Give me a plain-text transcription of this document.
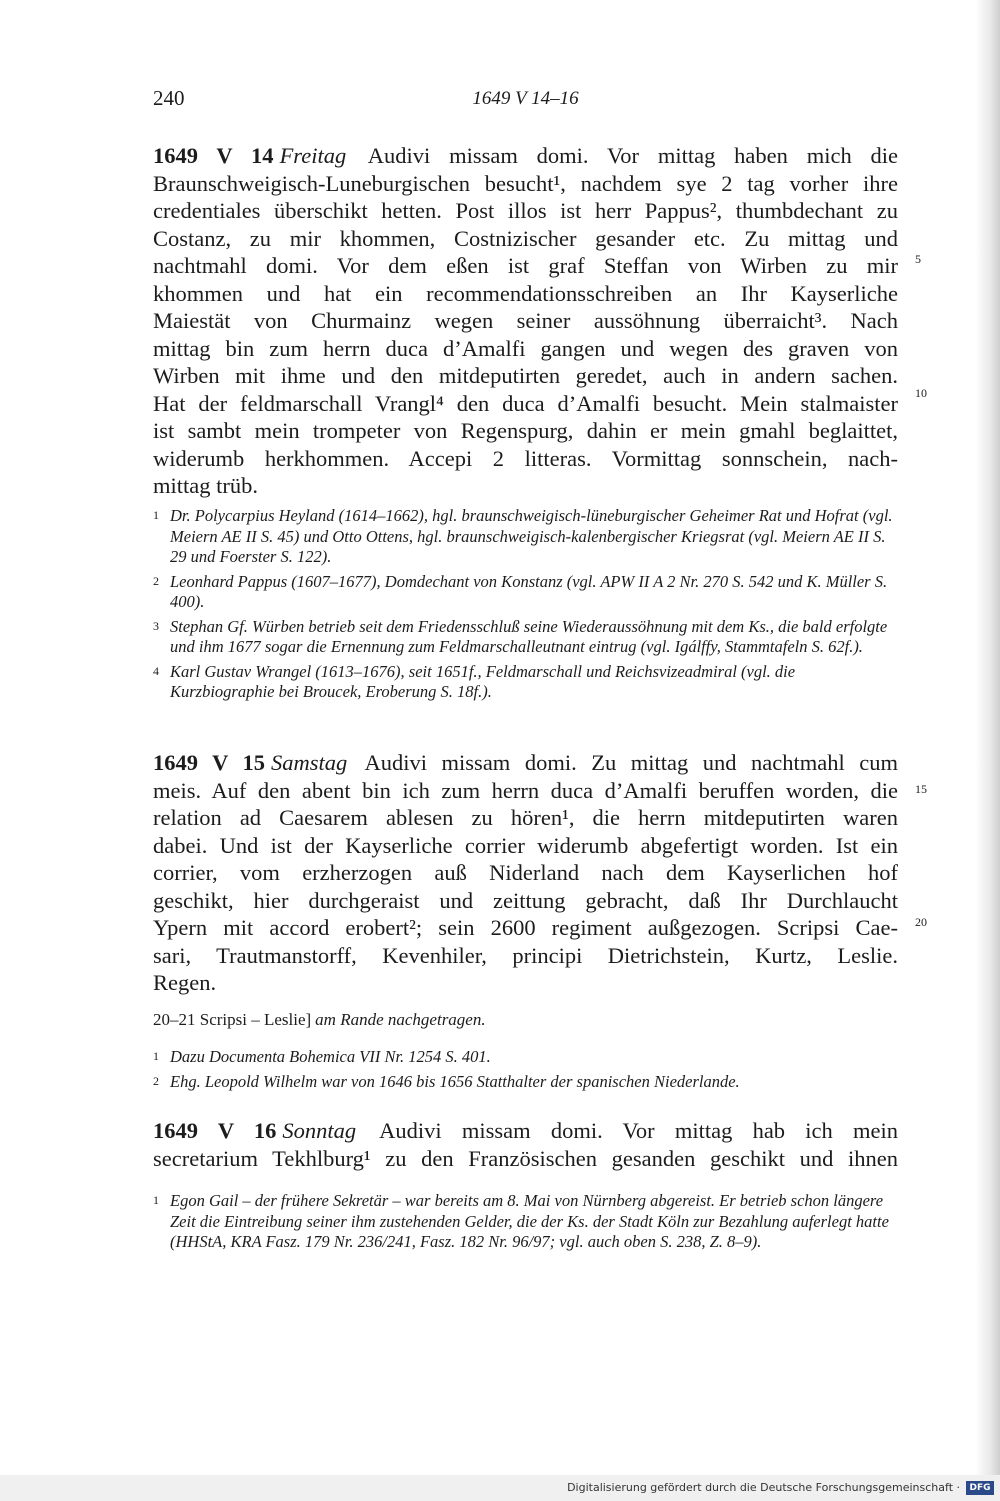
240	1649 V 14–16

1649 V 14 Freitag Audivi missam domi. Vor mittag haben mich die
Braunschweigisch-Luneburgischen besucht¹, nachdem sye 2 tag vorher ihre
credentiales überschikt hetten. Post illos ist herr Pappus², thumbdechant zu
Costanz, zu mir khommen, Costnizischer gesander etc. Zu mittag und
nachtmahl domi. Vor dem eßen ist graf Steffan von Wirben zu mir
khommen und hat ein recommendationsschreiben an Ihr Kayserliche
Maiestät von Churmainz wegen seiner aussöhnung überraicht³. Nach
mittag bin zum herrn duca d’Amalfi gangen und wegen des graven von
Wirben mit ihme und den mitdeputirten geredet, auch in andern sachen.
Hat der feldmarschall Vrangl⁴ den duca d’Amalfi besucht. Mein stalmaister
ist sambt mein trompeter von Regenspurg, dahin er mein gmahl beglaittet,
widerumb herkhommen. Accepi 2 litteras. Vormittag sonnschein, nach-
mittag trüb.

5
10

1 Dr. Polycarpius Heyland (1614–1662), hgl. braunschweigisch-lüneburgischer Geheimer Rat und Hofrat (vgl. Meiern AE II S. 45) und Otto Ottens, hgl. braunschweigisch-kalenbergischer Kriegsrat (vgl. Meiern AE II S. 29 und Foerster S. 122).

2 Leonhard Pappus (1607–1677), Domdechant von Konstanz (vgl. APW II A 2 Nr. 270 S. 542 und K. Müller S. 400).

3 Stephan Gf. Würben betrieb seit dem Friedensschluß seine Wiederaussöhnung mit dem Ks., die bald erfolgte und ihm 1677 sogar die Ernennung zum Feldmarschalleutnant eintrug (vgl. Igálffy, Stammtafeln S. 62f.).

4 Karl Gustav Wrangel (1613–1676), seit 1651f., Feldmarschall und Reichsvizeadmiral (vgl. die Kurzbiographie bei Broucek, Eroberung S. 18f.).

1649 V 15 Samstag Audivi missam domi. Zu mittag und nachtmahl cum
meis. Auf den abent bin ich zum herrn duca d’Amalfi beruffen worden, die
relation ad Caesarem ablesen zu hören¹, die herrn mitdeputirten waren
dabei. Und ist der Kayserliche corrier widerumb abgefertigt worden. Ist ein
corrier, vom erzherzogen auß Niderland nach dem Kayserlichen hof
geschikt, hier durchgeraist und zeittung gebracht, daß Ihr Durchlaucht
Ypern mit accord erobert²; sein 2600 regiment außgezogen. Scripsi Cae-
sari, Trautmanstorff, Kevenhiler, principi Dietrichstein, Kurtz, Leslie.
Regen.

15
20
20–21 Scripsi – Leslie] am Rande nachgetragen.

1 Dazu Documenta Bohemica VII Nr. 1254 S. 401.

2 Ehg. Leopold Wilhelm war von 1646 bis 1656 Statthalter der spanischen Niederlande.

1649 V 16 Sonntag Audivi missam domi. Vor mittag hab ich mein
secretarium Tekhlburg¹ zu den Französischen gesanden geschikt und ihnen

1 Egon Gail – der frühere Sekretär – war bereits am 8. Mai von Nürnberg abgereist. Er betrieb schon längere Zeit die Eintreibung seiner ihm zustehenden Gelder, die der Ks. der Stadt Köln zur Bezahlung auferlegt hatte (HHStA, KRA Fasz. 179 Nr. 236/241, Fasz. 182 Nr. 96/97; vgl. auch oben S. 238, Z. 8–9).

Digitalisierung gefördert durch die Deutsche Forschungsgemeinschaft ·	DFG
